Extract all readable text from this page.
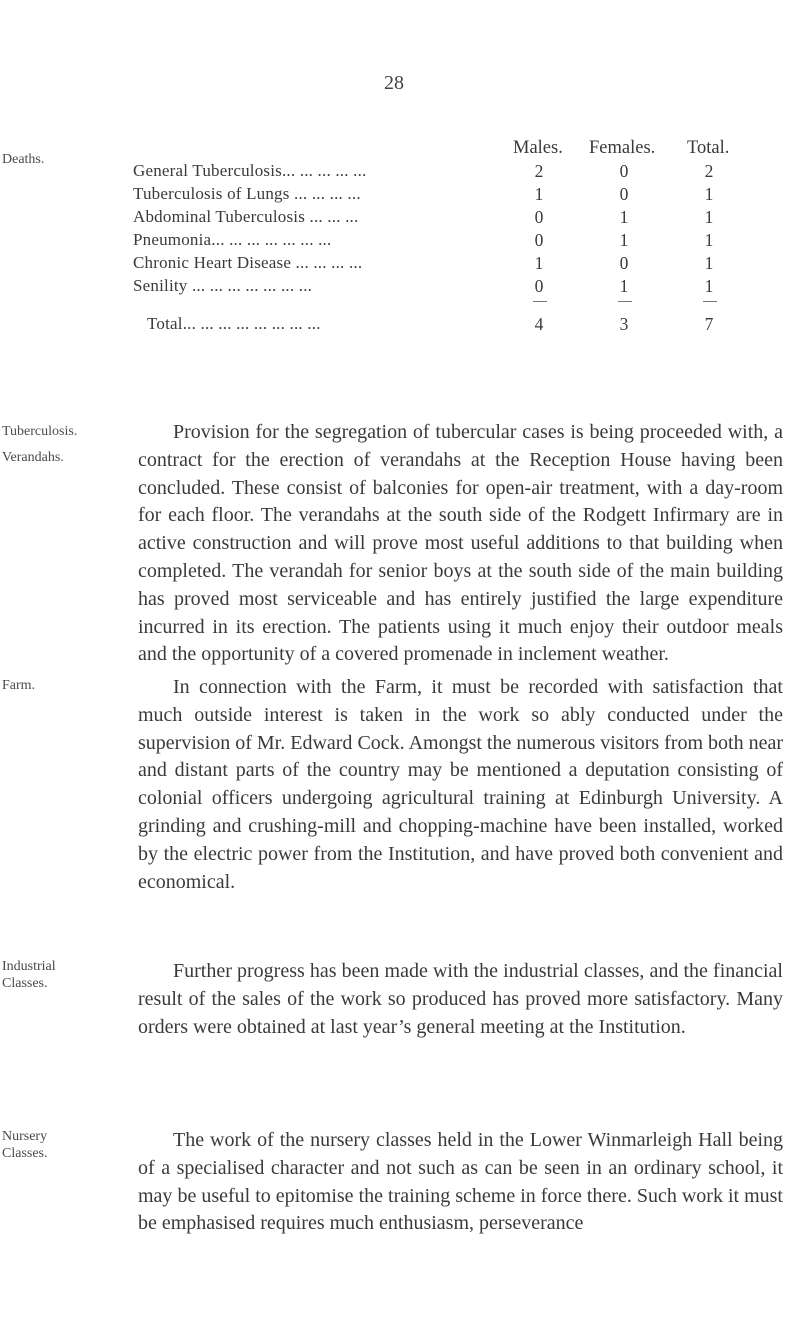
28
Deaths.
Tuberculosis.
Verandahs.
Farm.
Industrial Classes.
Nursery Classes.
Males. Females. Total.
General Tuberculosis... ... ... ... ...	2	0	2
Tuberculosis of Lungs ... ... ... ...	1	0	1
Abdominal Tuberculosis ... ... ...	0	1	1
Pneumonia... ... ... ... ... ... ...	0	1	1
Chronic Heart Disease ... ... ... ...	1	0	1
Senility ... ... ... ... ... ... ...	0	1	1
Total... ... ... ... ... ... ... ...	4	3	7
Provision for the segregation of tubercular cases is being proceeded with, a contract for the erection of verandahs at the Reception House having been concluded. These consist of balconies for open-air treatment, with a day-room for each floor. The verandahs at the south side of the Rodgett Infirmary are in active construction and will prove most useful additions to that building when completed. The verandah for senior boys at the south side of the main building has proved most serviceable and has entirely justified the large expenditure incurred in its erection. The patients using it much enjoy their outdoor meals and the opportunity of a covered promenade in inclement weather.
In connection with the Farm, it must be recorded with satisfaction that much outside interest is taken in the work so ably conducted under the supervision of Mr. Edward Cock. Amongst the numerous visitors from both near and distant parts of the country may be mentioned a deputation consisting of colonial officers undergoing agricultural training at Edinburgh University. A grinding and crushing-mill and chopping-machine have been installed, worked by the electric power from the Institution, and have proved both convenient and economical.
Further progress has been made with the industrial classes, and the financial result of the sales of the work so produced has proved more satisfactory. Many orders were obtained at last year’s general meeting at the Institution.
The work of the nursery classes held in the Lower Winmarleigh Hall being of a specialised character and not such as can be seen in an ordinary school, it may be useful to epitomise the training scheme in force there. Such work it must be emphasised requires much enthusiasm, perseverance
